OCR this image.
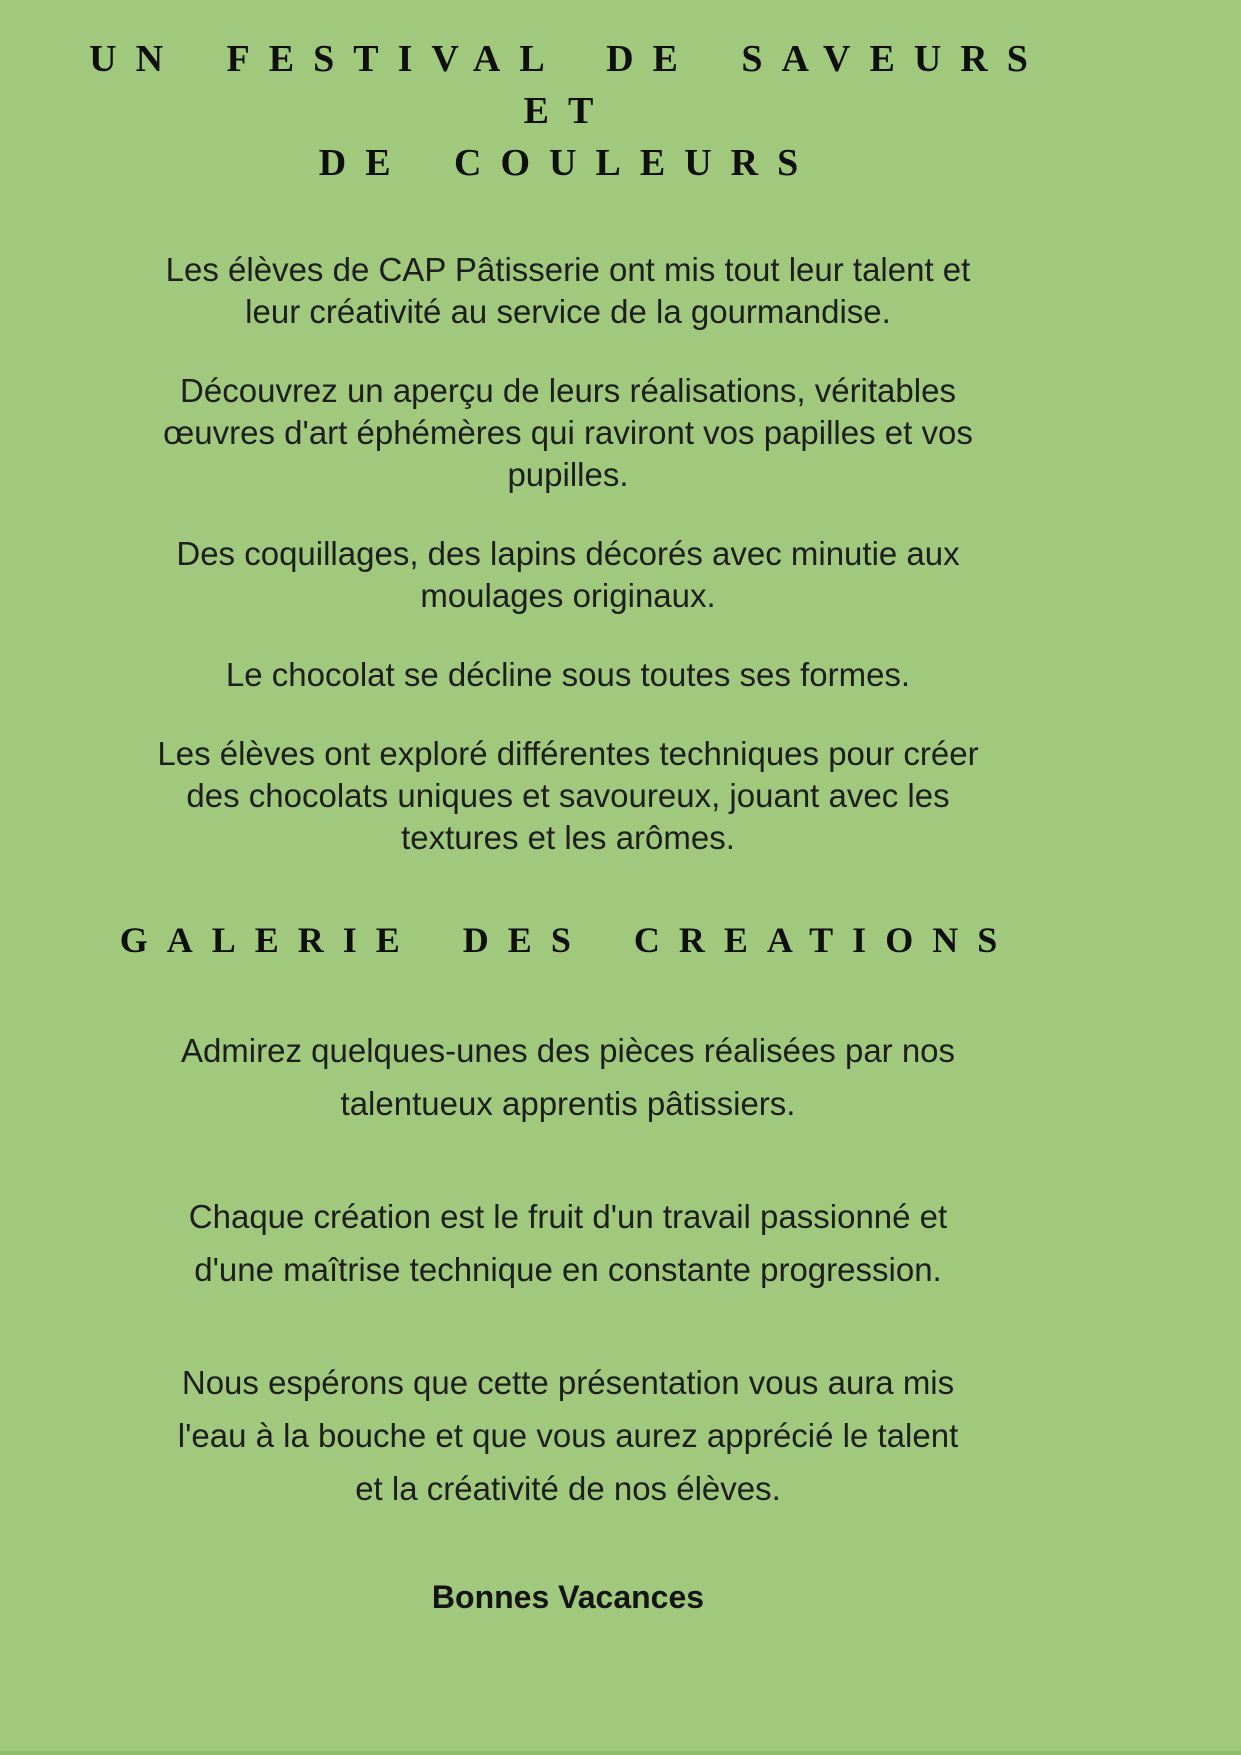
UN FESTIVAL DE SAVEURS
ET
DE COULEURS

Les élèves de CAP Pâtisserie ont mis tout leur talent et
leur créativité au service de la gourmandise.

Découvrez un aperçu de leurs réalisations, véritables
œuvres d'art éphémères qui raviront vos papilles et vos
pupilles.

Des coquillages, des lapins décorés avec minutie aux
moulages originaux.

Le chocolat se décline sous toutes ses formes.

Les élèves ont exploré différentes techniques pour créer
des chocolats uniques et savoureux, jouant avec les
textures et les arômes.

GALERIE DES CREATIONS

Admirez quelques-unes des pièces réalisées par nos
talentueux apprentis pâtissiers.

Chaque création est le fruit d'un travail passionné et
d'une maîtrise technique en constante progression.

Nous espérons que cette présentation vous aura mis
l'eau à la bouche et que vous aurez apprécié le talent
et la créativité de nos élèves.

Bonnes Vacances
